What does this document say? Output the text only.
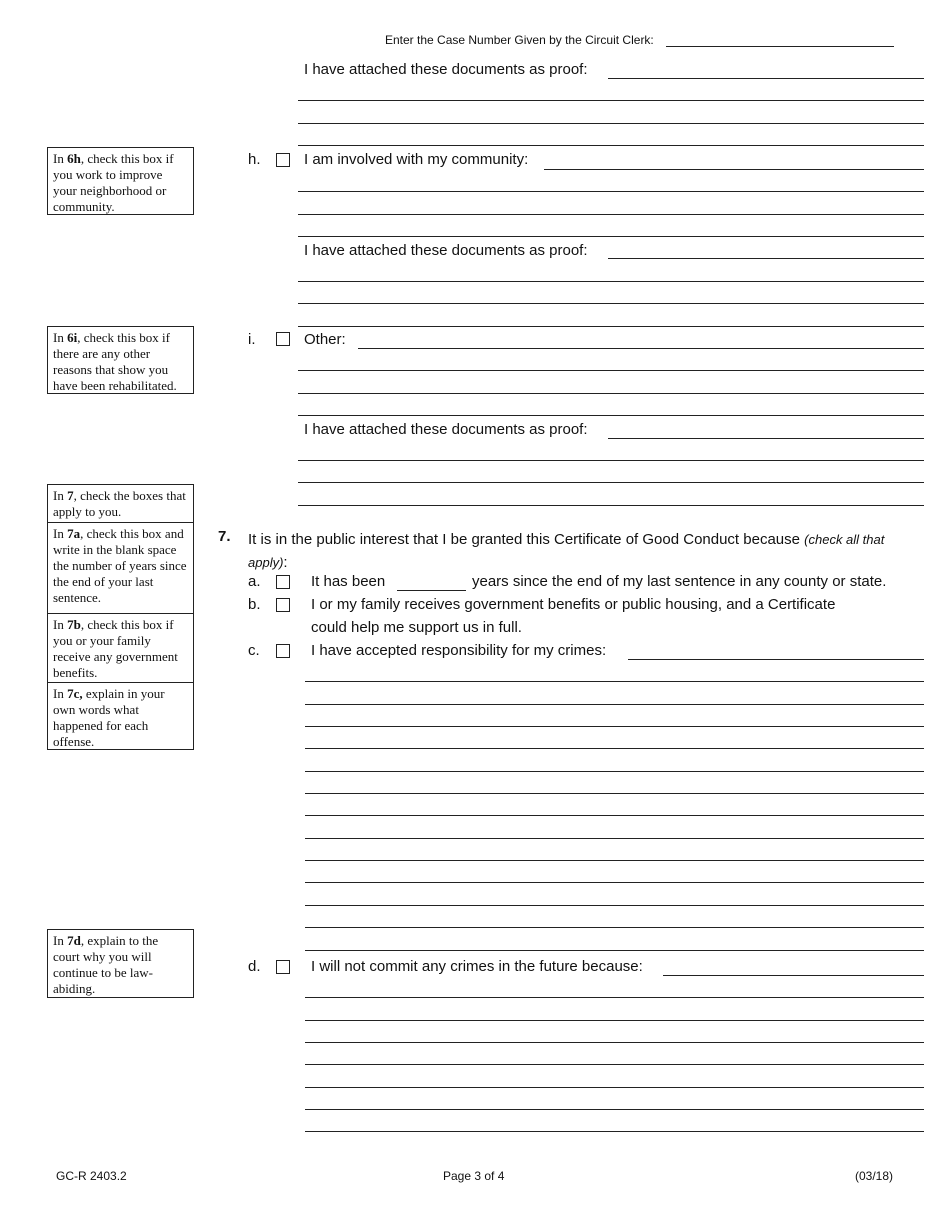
Enter the Case Number Given by the Circuit Clerk:
I have attached these documents as proof:
In 6h, check this box if you work to improve your neighborhood or community.
h.	I am involved with my community:
I have attached these documents as proof:
In 6i, check this box if there are any other reasons that show you have been rehabilitated.
i.	Other:
I have attached these documents as proof:
In 7, check the boxes that apply to you.
In 7a, check this box and write in the blank space the number of years since the end of your last sentence.
In 7b, check this box if you or your family receive any government benefits.
In 7c, explain in your own words what happened for each offense.
7. It is in the public interest that I be granted this Certificate of Good Conduct because (check all that apply):
a.	It has been	years since the end of my last sentence in any county or state.
b.	I or my family receives government benefits or public housing, and a Certificate
could help me support us in full.
c.	I have accepted responsibility for my crimes:
In 7d, explain to the court why you will continue to be law-abiding.
d.	I will not commit any crimes in the future because:
GC-R 2403.2	Page 3 of 4	(03/18)
